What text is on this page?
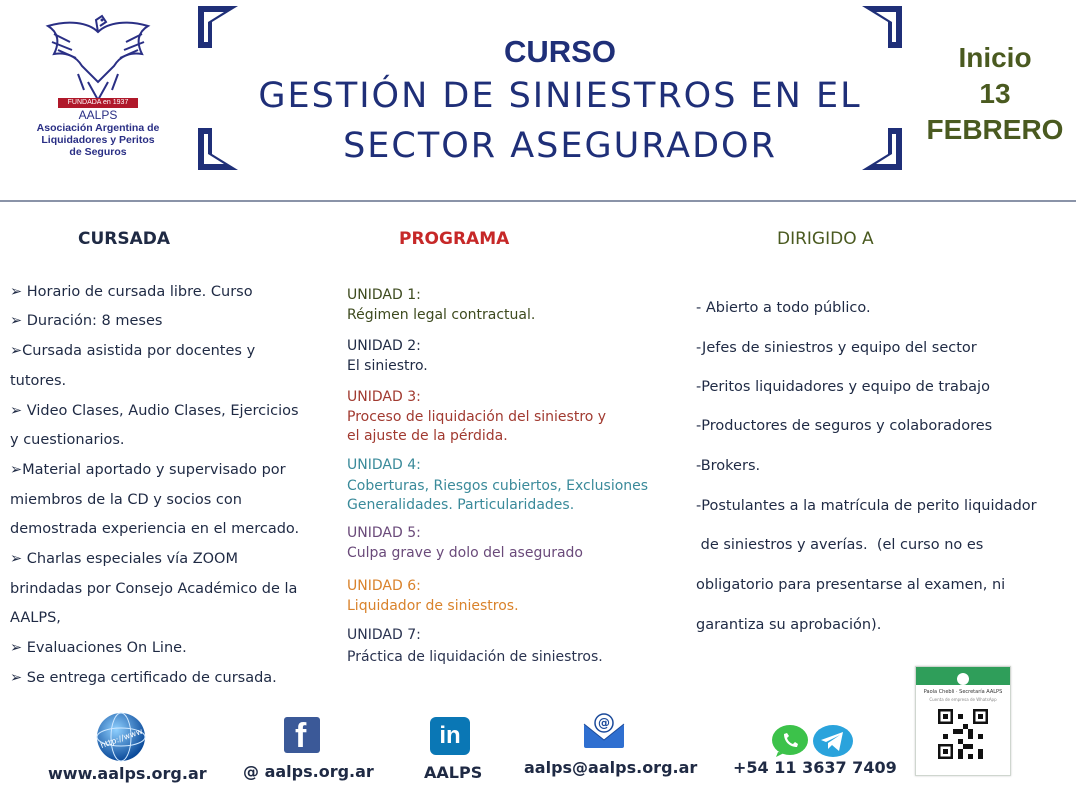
FUNDADA en 1937
AALPS
Asociación Argentina de
Liquidadores y Peritos
de Seguros
CURSO
GESTIÓN DE SINIESTROS EN EL
SECTOR ASEGURADOR
Inicio
13
FEBRERO
CURSADA	PROGRAMA	DIRIGIDO A
➢ Horario de cursada libre. Curso
➢ Duración: 8 meses
➢Cursada asistida por docentes y
tutores.
➢ Video Clases, Audio Clases, Ejercicios
y cuestionarios.
➢Material aportado y supervisado por
miembros de la CD y socios con
demostrada experiencia en el mercado.
➢ Charlas especiales vía ZOOM
brindadas por Consejo Académico de la
AALPS,
➢ Evaluaciones On Line.
➢ Se entrega certificado de cursada.
UNIDAD 1:
Régimen legal contractual.
UNIDAD 2:
El siniestro.
UNIDAD 3:
Proceso de liquidación del siniestro y
el ajuste de la pérdida.
UNIDAD 4:
Coberturas, Riesgos cubiertos, Exclusiones
Generalidades. Particularidades.
UNIDAD 5:
Culpa grave y dolo del asegurado
UNIDAD 6:
Liquidador de siniestros.
UNIDAD 7:
Práctica de liquidación de siniestros.
- Abierto a todo público.
-Jefes de siniestros y equipo del sector
-Peritos liquidadores y equipo de trabajo
-Productores de seguros y colaboradores
-Brokers.
-Postulantes a la matrícula de perito liquidador
de siniestros y averías.  (el curso no es
obligatorio para presentarse al examen, ni
garantiza su aprobación).
http://www
www.aalps.org.ar
f
@ aalps.org.ar
in
AALPS
@
aalps@aalps.org.ar +54 11 3637 7409
Paola Chebli · Secretaría AALPS
Cuenta de empresa de WhatsApp
